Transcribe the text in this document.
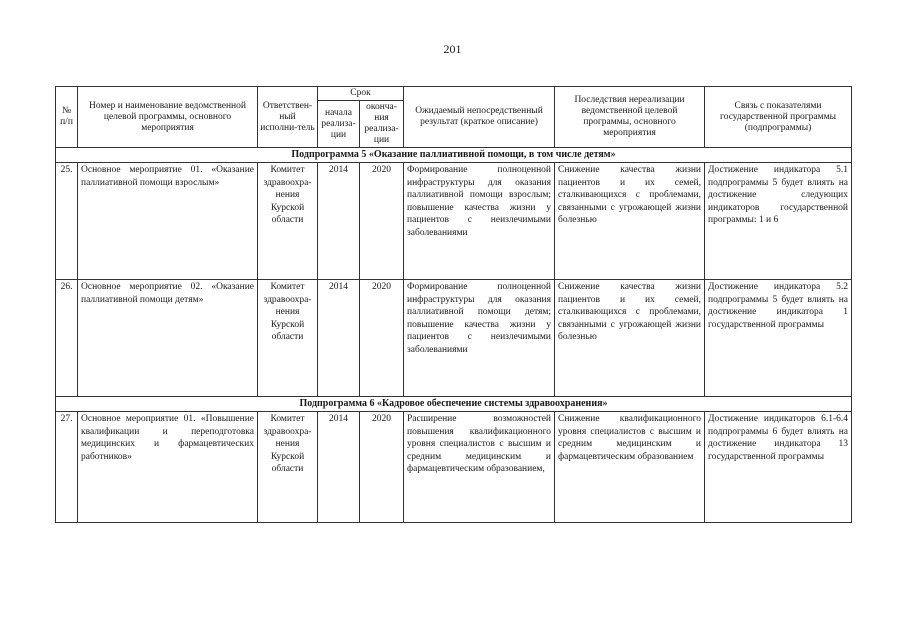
201
№ п/п	Номер и наименование ведомственной целевой программы, основного мероприятия	Ответствен-ный исполни-тель	Срок		Ожидаемый непосредственный результат (краткое описание)	Последствия нереализации ведомственной целевой программы, основного мероприятия	Связь с показателями государственной программы (подпрограммы)
			начала реализа-ции	оконча-ния реализа-ции			
Подпрограмма 5 «Оказание паллиативной помощи, в том числе детям»							
25.	Основное мероприятие 01. «Оказание паллиативной помощи взрослым»	Комитет здравоохра-нения Курской области	2014	2020	Формирование полноценной инфраструктуры для оказания паллиативной помощи взрослым; повышение качества жизни у пациентов с неизлечимыми заболеваниями	Снижение качества жизни пациентов и их семей, сталкивающихся с проблемами, связанными с угрожающей жизни болезнью	Достижение индикатора 5.1 подпрограммы 5 будет влиять на достижение следующих индикаторов государственной программы: 1 и 6
26.	Основное мероприятие 02. «Оказание паллиативной помощи детям»	Комитет здравоохра-нения Курской области	2014	2020	Формирование полноценной инфраструктуры для оказания паллиативной помощи детям; повышение качества жизни у пациентов с неизлечимыми заболеваниями	Снижение качества жизни пациентов и их семей, сталкивающихся с проблемами, связанными с угрожающей жизни болезнью	Достижение индикатора 5.2 подпрограммы 5 будет влиять на достижение индикатора 1 государственной программы
Подпрограмма 6 «Кадровое обеспечение системы здравоохранения»							
27.	Основное мероприятие 01. «Повышение квалификации и переподготовка медицинских и фармацевтических работников»	Комитет здравоохра-нения Курской области	2014	2020	Расширение возможностей повышения квалификационного уровня специалистов с высшим и средним медицинским и фармацевтическим образованием,	Снижение квалификационного уровня специалистов с высшим и средним медицинским и фармацевтическим образованием	Достижение индикаторов 6.1-6.4 подпрограммы 6 будет влиять на достижение индикатора 13 государственной программы
